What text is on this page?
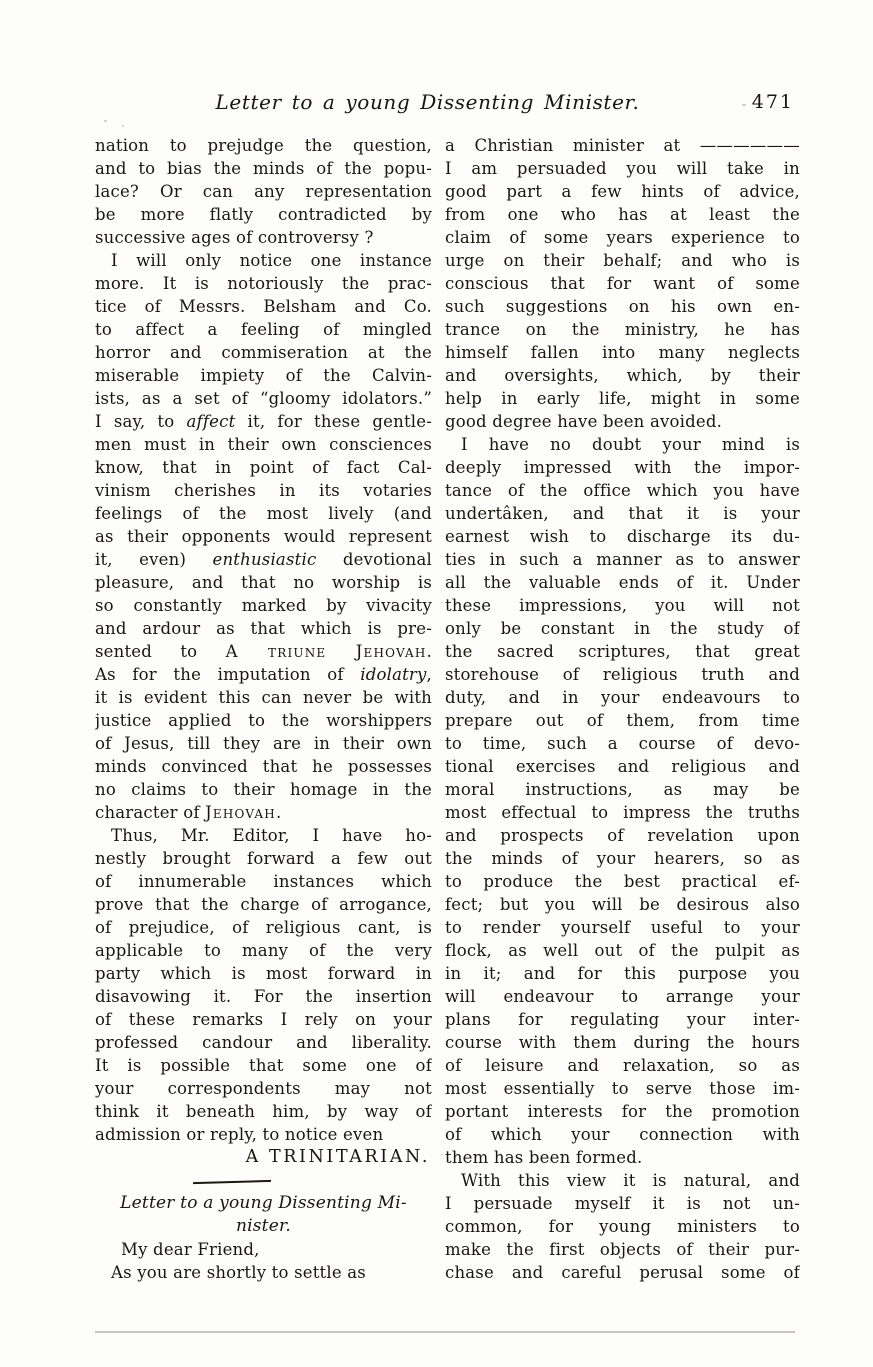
Letter to a young Dissenting Minister.	471
nation to prejudge the question,
and to bias the minds of the popu-
lace? Or can any representation
be more flatly contradicted by
successive ages of controversy ?
I will only notice one instance
more. It is notoriously the prac-
tice of Messrs. Belsham and Co.
to affect a feeling of mingled
horror and commiseration at the
miserable impiety of the Calvin-
ists, as a set of “gloomy idolators.”
I say, to affect it, for these gentle-
men must in their own consciences
know, that in point of fact Cal-
vinism cherishes in its votaries
feelings of the most lively (and
as their opponents would represent
it, even) enthusiastic devotional
pleasure, and that no worship is
so constantly marked by vivacity
and ardour as that which is pre-
sented to A triune Jehovah.
As for the imputation of idolatry,
it is evident this can never be with
justice applied to the worshippers
of Jesus, till they are in their own
minds convinced that he possesses
no claims to their homage in the
character of Jehovah.
Thus, Mr. Editor, I have ho-
nestly brought forward a few out
of innumerable instances which
prove that the charge of arrogance,
of prejudice, of religious cant, is
applicable to many of the very
party which is most forward in
disavowing it. For the insertion
of these remarks I rely on your
professed candour and liberality.
It is possible that some one of
your correspondents may not
think it beneath him, by way of
admission or reply, to notice even
A TRINITARIAN.
Letter to a young Dissenting Mi-
nister.
My dear Friend,
As you are shortly to settle as
a Christian minister at ——————
I am persuaded you will take in
good part a few hints of advice,
from one who has at least the
claim of some years experience to
urge on their behalf; and who is
conscious that for want of some
such suggestions on his own en-
trance on the ministry, he has
himself fallen into many neglects
and oversights, which, by their
help in early life, might in some
good degree have been avoided.
I have no doubt your mind is
deeply impressed with the impor-
tance of the office which you have
undertâken, and that it is your
earnest wish to discharge its du-
ties in such a manner as to answer
all the valuable ends of it. Under
these impressions, you will not
only be constant in the study of
the sacred scriptures, that great
storehouse of religious truth and
duty, and in your endeavours to
prepare out of them, from time
to time, such a course of devo-
tional exercises and religious and
moral instructions, as may be
most effectual to impress the truths
and prospects of revelation upon
the minds of your hearers, so as
to produce the best practical ef-
fect; but you will be desirous also
to render yourself useful to your
flock, as well out of the pulpit as
in it; and for this purpose you
will endeavour to arrange your
plans for regulating your inter-
course with them during the hours
of leisure and relaxation, so as
most essentially to serve those im-
portant interests for the promotion
of which your connection with
them has been formed.
With this view it is natural, and
I persuade myself it is not un-
common, for young ministers to
make the first objects of their pur-
chase and careful perusal some of
